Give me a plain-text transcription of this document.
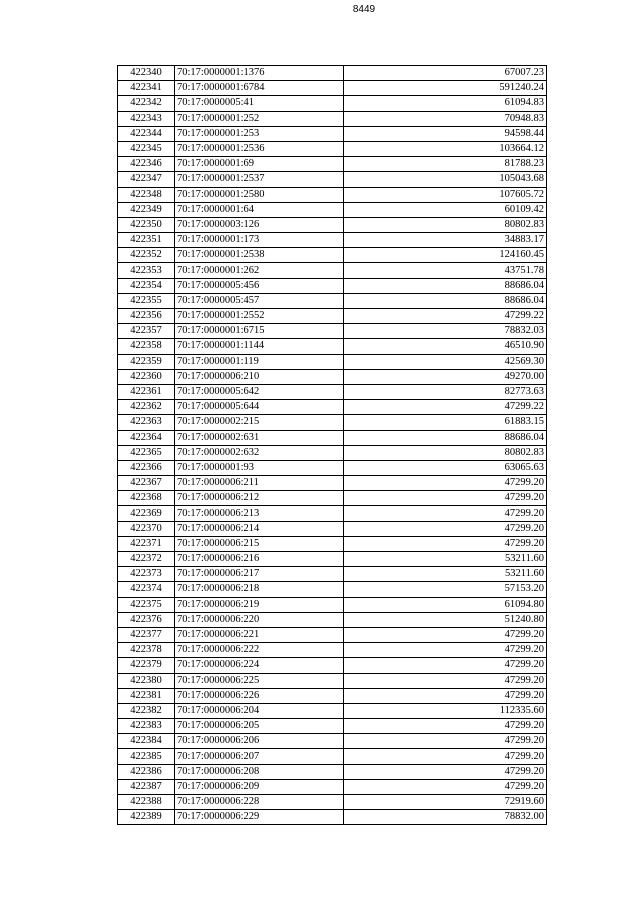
8449
422340	70:17:0000001:1376	67007.23
422341	70:17:0000001:6784	591240.24
422342	70:17:0000005:41	61094.83
422343	70:17:0000001:252	70948.83
422344	70:17:0000001:253	94598.44
422345	70:17:0000001:2536	103664.12
422346	70:17:0000001:69	81788.23
422347	70:17:0000001:2537	105043.68
422348	70:17:0000001:2580	107605.72
422349	70:17:0000001:64	60109.42
422350	70:17:0000003:126	80802.83
422351	70:17:0000001:173	34883.17
422352	70:17:0000001:2538	124160.45
422353	70:17:0000001:262	43751.78
422354	70:17:0000005:456	88686.04
422355	70:17:0000005:457	88686.04
422356	70:17:0000001:2552	47299.22
422357	70:17:0000001:6715	78832.03
422358	70:17:0000001:1144	46510.90
422359	70:17:0000001:119	42569.30
422360	70:17:0000006:210	49270.00
422361	70:17:0000005:642	82773.63
422362	70:17:0000005:644	47299.22
422363	70:17:0000002:215	61883.15
422364	70:17:0000002:631	88686.04
422365	70:17:0000002:632	80802.83
422366	70:17:0000001:93	63065.63
422367	70:17:0000006:211	47299.20
422368	70:17:0000006:212	47299.20
422369	70:17:0000006:213	47299.20
422370	70:17:0000006:214	47299.20
422371	70:17:0000006:215	47299.20
422372	70:17:0000006:216	53211.60
422373	70:17:0000006:217	53211.60
422374	70:17:0000006:218	57153.20
422375	70:17:0000006:219	61094.80
422376	70:17:0000006:220	51240.80
422377	70:17:0000006:221	47299.20
422378	70:17:0000006:222	47299.20
422379	70:17:0000006:224	47299.20
422380	70:17:0000006:225	47299.20
422381	70:17:0000006:226	47299.20
422382	70:17:0000006:204	112335.60
422383	70:17:0000006:205	47299.20
422384	70:17:0000006:206	47299.20
422385	70:17:0000006:207	47299.20
422386	70:17:0000006:208	47299.20
422387	70:17:0000006:209	47299.20
422388	70:17:0000006:228	72919.60
422389	70:17:0000006:229	78832.00
